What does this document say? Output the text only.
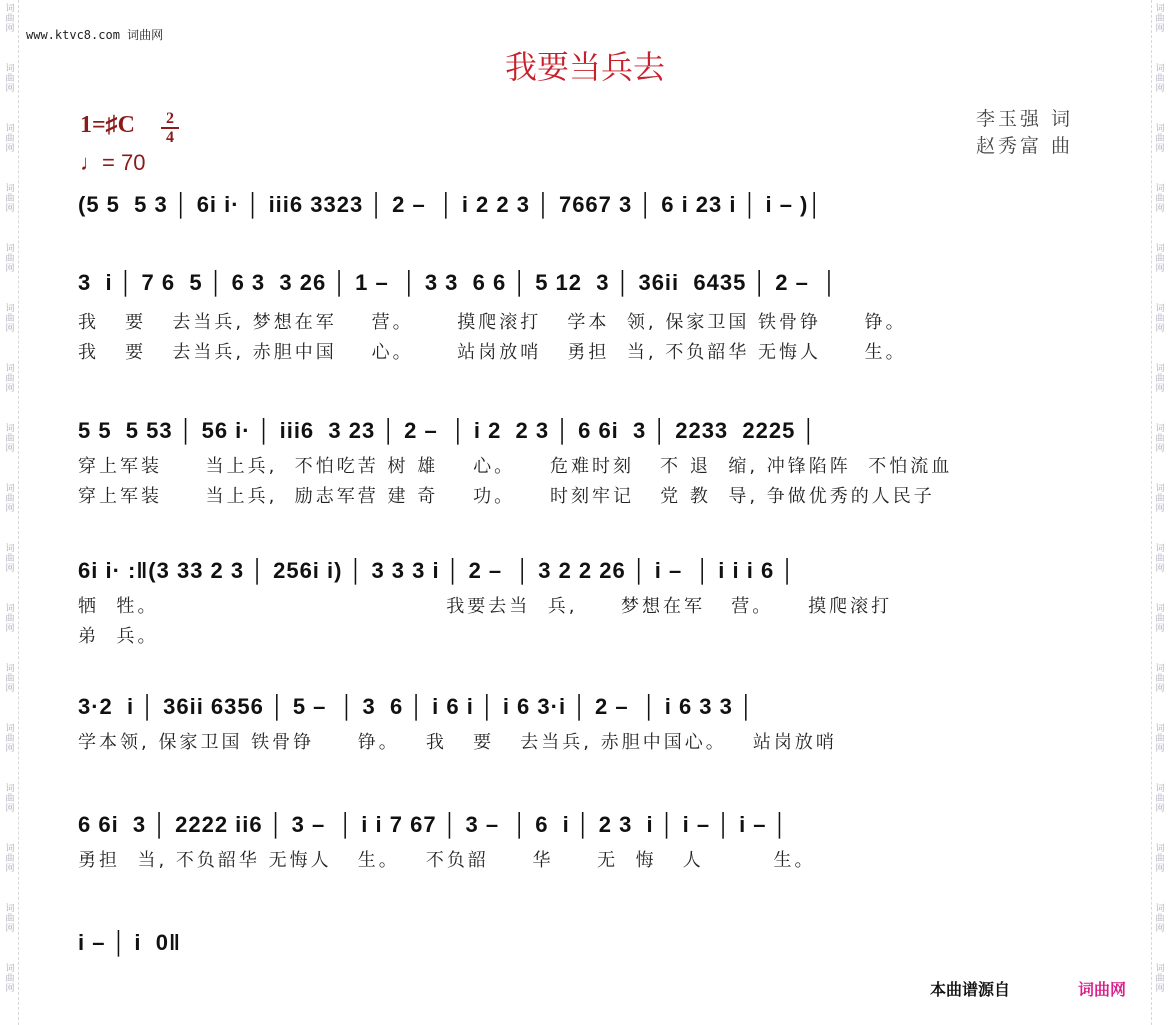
词
曲
网
词
曲
网
词
曲
网
词
曲
网
词
曲
网
词
曲
网
词
曲
网
词
曲
网
词
曲
网
词
曲
网
词
曲
网
词
曲
网
词
曲
网
词
曲
网
词
曲
网
词
曲
网
词
曲
网
词
曲
网
词
曲
网
词
曲
网
词
曲
网
词
曲
网
词
曲
网
词
曲
网
词
曲
网
词
曲
网
词
曲
网
词
曲
网
词
曲
网
词
曲
网
词
曲
网
词
曲
网
词
曲
网
词
曲
网
www.ktvc8.com 词曲网
我要当兵去
1=♯C	2
4
♩= 70
李玉强 词
赵秀富 曲
(5 5  5 3 │ 6i i· │ iii6 3323 │ 2 –  │ i 2 2 3 │ 7667 3 │ 6 i 23 i │ i – )│
3  i │ 7 6  5 │ 6 3  3 26 │ 1 –  │ 3 3  6 6 │ 5 12  3 │ 36ii  6435 │ 2 –  │
我   要   去当兵, 梦想在军    营。     摸爬滚打   学本  领, 保家卫国 铁骨铮     铮。
我   要   去当兵, 赤胆中国    心。     站岗放哨   勇担  当, 不负韶华 无悔人     生。
5 5  5 53 │ 56 i· │ iii6  3 23 │ 2 –  │ i 2  2 3 │ 6 6i  3 │ 2233  2225 │
穿上军装     当上兵,  不怕吃苦 树 雄    心。    危难时刻   不 退  缩, 冲锋陷阵  不怕流血
穿上军装     当上兵,  励志军营 建 奇    功。    时刻牢记   党 教  导, 争做优秀的人民子
6i i· :‖(3 33 2 3 │ 256i i) │ 3 3 3 i │ 2 –  │ 3 2 2 26 │ i –  │ i i i 6 │
牺  牲。                                 我要去当  兵,     梦想在军   营。    摸爬滚打
弟  兵。
3·2  i │ 36ii 6356 │ 5 –  │ 3  6 │ i 6 i │ i 6 3·i │ 2 –  │ i 6 3 3 │
学本领, 保家卫国 铁骨铮     铮。   我   要   去当兵, 赤胆中国心。   站岗放哨
6 6i  3 │ 2222 ii6 │ 3 –  │ i i 7 67 │ 3 –  │ 6  i │ 2 3  i │ i – │ i – │
勇担  当, 不负韶华 无悔人   生。   不负韶     华     无  悔   人        生。
i – │ i  0‖
本曲谱源自	词曲网
